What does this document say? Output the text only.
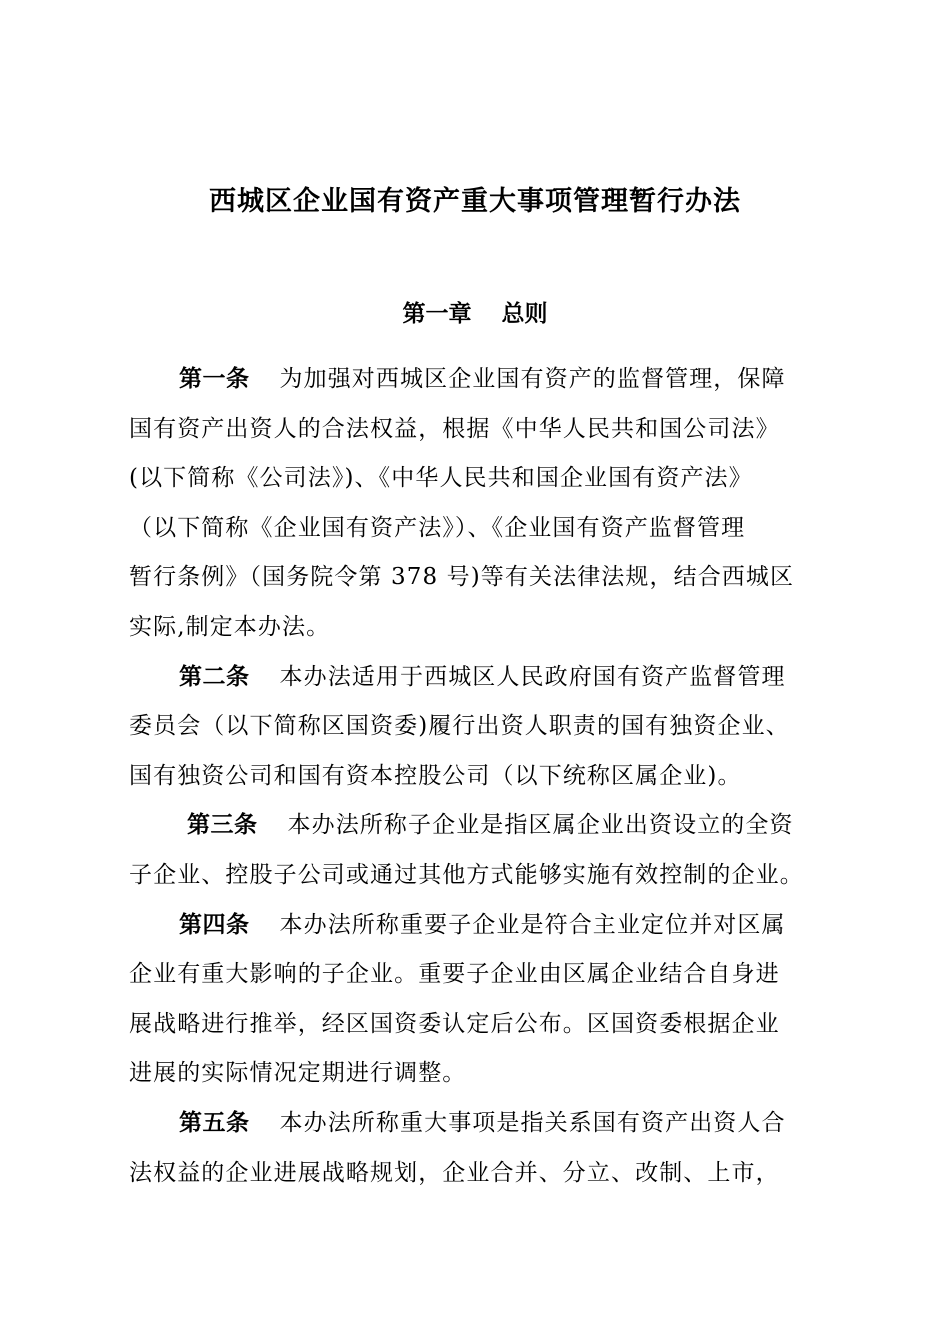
西城区企业国有资产重大事项管理暂行办法
第一章 总则
第一条 为加强对西城区企业国有资产的监督管理，保障
国有资产出资人的合法权益，根据《中华人民共和国公司法》
(以下简称《公司法》)、《中华人民共和国企业国有资产法》
（以下简称《企业国有资产法》）、《企业国有资产监督管理
暂行条例》（国务院令第 378 号)等有关法律法规，结合西城区
实际,制定本办法。
第二条 本办法适用于西城区人民政府国有资产监督管理
委员会（以下简称区国资委)履行出资人职责的国有独资企业、
国有独资公司和国有资本控股公司（以下统称区属企业)。
第三条 本办法所称子企业是指区属企业出资设立的全资
子企业、控股子公司或通过其他方式能够实施有效控制的企业。
第四条 本办法所称重要子企业是符合主业定位并对区属
企业有重大影响的子企业。重要子企业由区属企业结合自身进
展战略进行推举，经区国资委认定后公布。区国资委根据企业
进展的实际情况定期进行调整。
第五条 本办法所称重大事项是指关系国有资产出资人合
法权益的企业进展战略规划，企业合并、分立、改制、上市，
